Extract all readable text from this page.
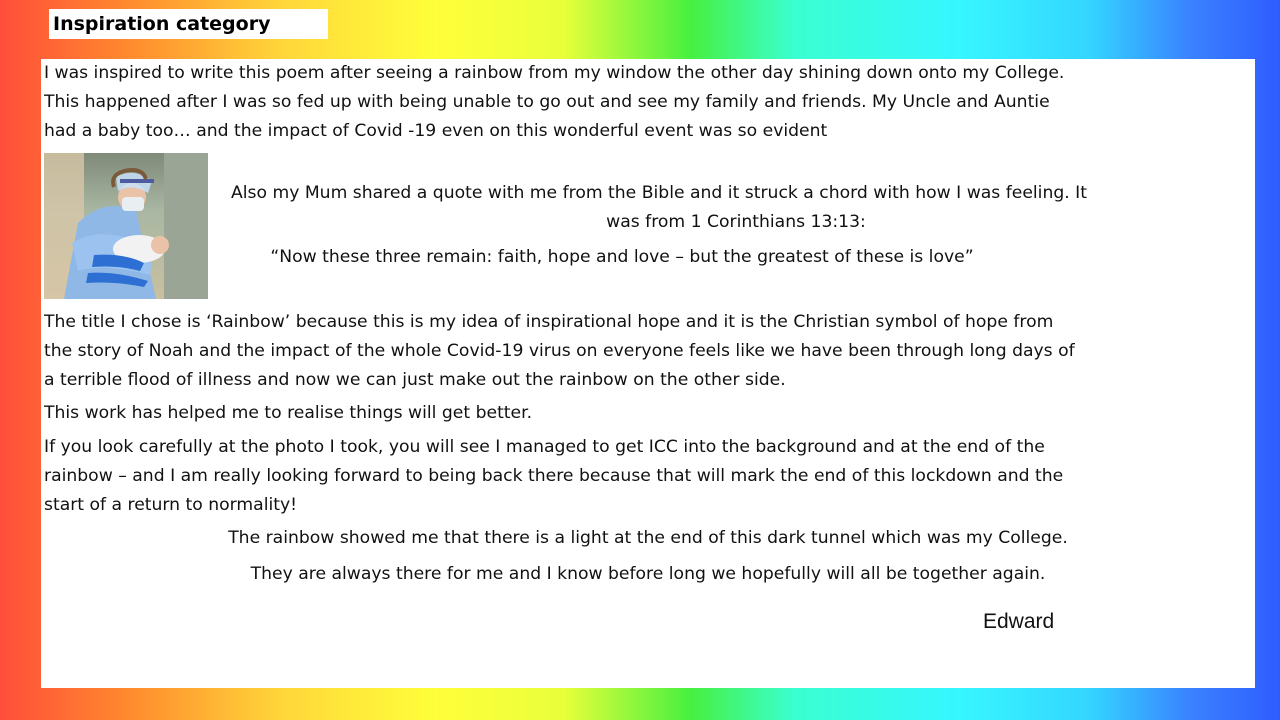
Inspiration category

I was inspired to write this poem after seeing a rainbow from my window the other day shining down onto my College.

This happened after I was so fed up with being unable to go out and see my family and friends. My Uncle and Auntie

had a baby too… and the impact of Covid -19 even on this wonderful event was so evident

Also my Mum shared a quote with me from the Bible and it struck a chord with how I was feeling. It

was from 1 Corinthians 13:13:

“Now these three remain: faith, hope and love – but the greatest of these is love”

The title I chose is ‘Rainbow’ because this is my idea of inspirational hope and it is the Christian symbol of hope from

the story of Noah and the impact of the whole Covid-19 virus on everyone feels like we have been through long days of

a terrible flood of illness and now we can just make out the rainbow on the other side.

This work has helped me to realise things will get better.

If you look carefully at the photo I took, you will see I managed to get ICC into the background and at the end of the

rainbow – and I am really looking forward to being back there because that will mark the end of this lockdown and the

start of a return to normality!

The rainbow showed me that there is a light at the end of this dark tunnel which was my College.

They are always there for me and I know before long we hopefully will all be together again.

Edward
